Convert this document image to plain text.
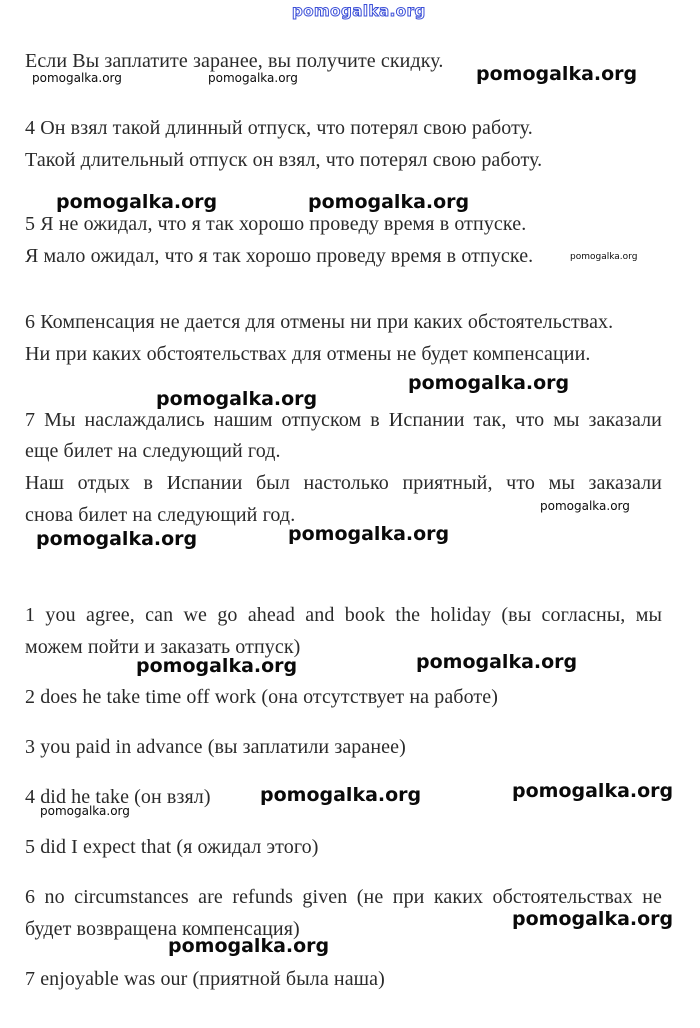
pomogalka.org
Если Вы заплатите заранее, вы получите скидку.
4 Он взял такой длинный отпуск, что потерял свою работу.
Такой длительный отпуск он взял, что потерял свою работу.
5 Я не ожидал, что я так хорошо проведу время в отпуске.
Я мало ожидал, что я так хорошо проведу время в отпуске.
6 Компенсация не дается для отмены ни при каких обстоятельствах.
Ни при каких обстоятельствах для отмены не будет компенсации.
7 Мы наслаждались нашим отпуском в Испании так, что мы заказали
еще билет на следующий год.
Наш отдых в Испании был настолько приятный, что мы заказали
снова билет на следующий год.
1 you agree, can we go ahead and book the holiday (вы согласны, мы
можем пойти и заказать отпуск)
2 does he take time off work (она отсутствует на работе)
3 you paid in advance (вы заплатили заранее)
4 did he take (он взял)
5 did I expect that (я ожидал этого)
6 no circumstances are refunds given (не при каких обстоятельствах не
будет возвращена компенсация)
7 enjoyable was our (приятной была наша)
pomogalka.org	pomogalka.org	pomogalka.org
pomogalka.org	pomogalka.org
pomogalka.org
pomogalka.org
pomogalka.org
pomogalka.org
pomogalka.org
pomogalka.org
pomogalka.org
pomogalka.org
pomogalka.org
pomogalka.org
pomogalka.org
pomogalka.org
pomogalka.org
